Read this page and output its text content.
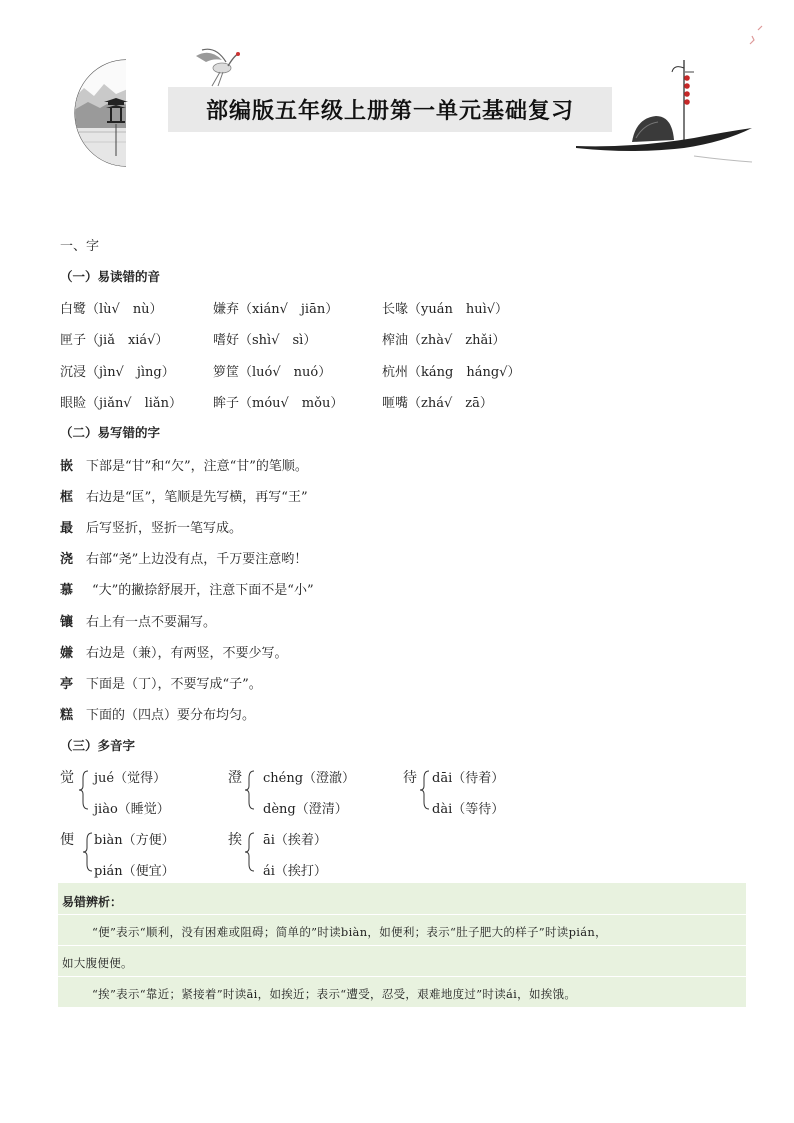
部编版五年级上册第一单元基础复习
一、字
（一）易读错的音
白鹭（lù√　nù）	嫌弃（xián√　jiān）	长喙（yuán　huì√）
匣子（jiǎ　xiá√）	嗜好（shì√　sì）	榨油（zhà√　zhǎi）
沉浸（jìn√　jìng）	箩筐（luó√　nuó）	杭州（káng　háng√）
眼睑（jiǎn√　liǎn） 眸子（móu√　mǒu）	咂嘴（zhá√　zā）
（二）易写错的字
嵌 下部是“甘”和“欠”，注意“甘”的笔顺。
框 右边是“匡”，笔顺是先写横，再写“王”
最 后写竖折，竖折一笔写成。
浇 右部“尧”上边没有点，千万要注意哟！
慕 “大”的撇捺舒展开，注意下面不是“小”
镶 右上有一点不要漏写。
嫌 右边是（兼），有两竖，不要少写。
亭 下面是（丁），不要写成“子”。
糕 下面的（四点）要分布均匀。
（三）多音字
觉 jué（觉得）
jiào（睡觉）
澄 chéng（澄澈）
dèng（澄清）
待 dāi（待着）
dài（等待）
便 biàn（方便）
pián（便宜）
挨 āi（挨着）
ái（挨打）
易错辨析：
“便”表示“顺利，没有困难或阻碍；简单的”时读biàn，如便利；表示“肚子肥大的样子”时读pián，
如大腹便便。
“挨”表示“靠近；紧接着”时读āi，如挨近；表示“遭受，忍受，艰难地度过”时读ái，如挨饿。
